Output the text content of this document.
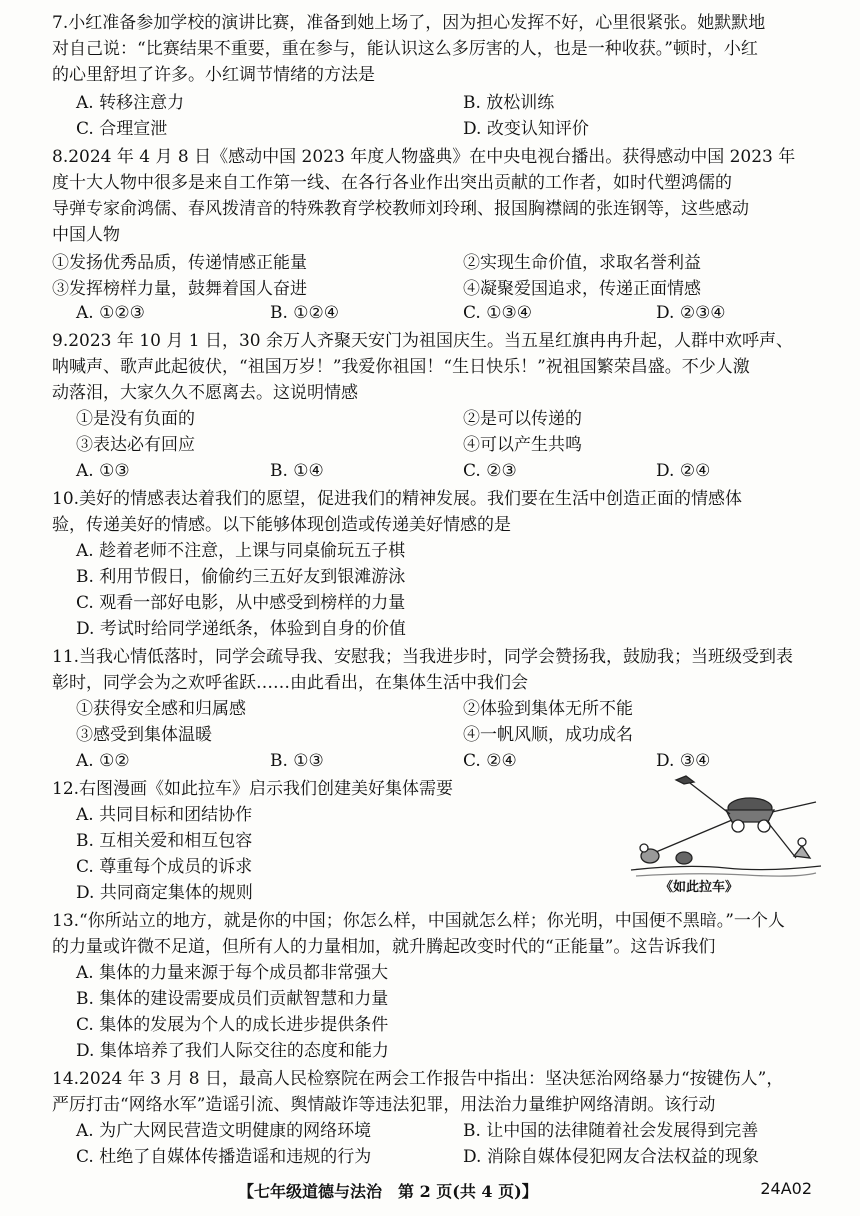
7.小红准备参加学校的演讲比赛，准备到她上场了，因为担心发挥不好，心里很紧张。她默默地
对自己说：“比赛结果不重要，重在参与，能认识这么多厉害的人，也是一种收获。”顿时，小红
的心里舒坦了许多。小红调节情绪的方法是
A. 转移注意力	B. 放松训练
C. 合理宣泄	D. 改变认知评价
8.2024 年 4 月 8 日《感动中国 2023 年度人物盛典》在中央电视台播出。获得感动中国 2023 年
度十大人物中很多是来自工作第一线、在各行各业作出突出贡献的工作者，如时代塑鸿儒的
导弹专家俞鸿儒、春风拨清音的特殊教育学校教师刘玲琍、报国胸襟阔的张连钢等，这些感动
中国人物
①发扬优秀品质，传递情感正能量	②实现生命价值，求取名誉利益
③发挥榜样力量，鼓舞着国人奋进	④凝聚爱国追求，传递正面情感
A. ①②③	B. ①②④	C. ①③④	D. ②③④
9.2023 年 10 月 1 日，30 余万人齐聚天安门为祖国庆生。当五星红旗冉冉升起，人群中欢呼声、
呐喊声、歌声此起彼伏，“祖国万岁！”我爱你祖国！“生日快乐！”祝祖国繁荣昌盛。不少人激
动落泪，大家久久不愿离去。这说明情感
①是没有负面的	②是可以传递的
③表达必有回应	④可以产生共鸣
A. ①③	B. ①④	C. ②③	D. ②④
10.美好的情感表达着我们的愿望，促进我们的精神发展。我们要在生活中创造正面的情感体
验，传递美好的情感。以下能够体现创造或传递美好情感的是
A. 趁着老师不注意，上课与同桌偷玩五子棋
B. 利用节假日，偷偷约三五好友到银滩游泳
C. 观看一部好电影，从中感受到榜样的力量
D. 考试时给同学递纸条，体验到自身的价值
11.当我心情低落时，同学会疏导我、安慰我；当我进步时，同学会赞扬我，鼓励我；当班级受到表
彰时，同学会为之欢呼雀跃……由此看出，在集体生活中我们会
①获得安全感和归属感	②体验到集体无所不能
③感受到集体温暖	④一帆风顺，成功成名
A. ①②	B. ①③	C. ②④	D. ③④
12.右图漫画《如此拉车》启示我们创建美好集体需要
A. 共同目标和团结协作
B. 互相关爱和相互包容
C. 尊重每个成员的诉求
D. 共同商定集体的规则	《如此拉车》
13.“你所站立的地方，就是你的中国；你怎么样，中国就怎么样；你光明，中国便不黑暗。”一个人
的力量或许微不足道，但所有人的力量相加，就升腾起改变时代的“正能量”。这告诉我们
A. 集体的力量来源于每个成员都非常强大
B. 集体的建设需要成员们贡献智慧和力量
C. 集体的发展为个人的成长进步提供条件
D. 集体培养了我们人际交往的态度和能力
14.2024 年 3 月 8 日，最高人民检察院在两会工作报告中指出：坚决惩治网络暴力“按键伤人”，
严厉打击“网络水军”造谣引流、舆情敲诈等违法犯罪，用法治力量维护网络清朗。该行动
A. 为广大网民营造文明健康的网络环境	B. 让中国的法律随着社会发展得到完善
C. 杜绝了自媒体传播造谣和违规的行为	D. 消除自媒体侵犯网友合法权益的现象
【七年级道德与法治　第 2 页(共 4 页)】	24A02
